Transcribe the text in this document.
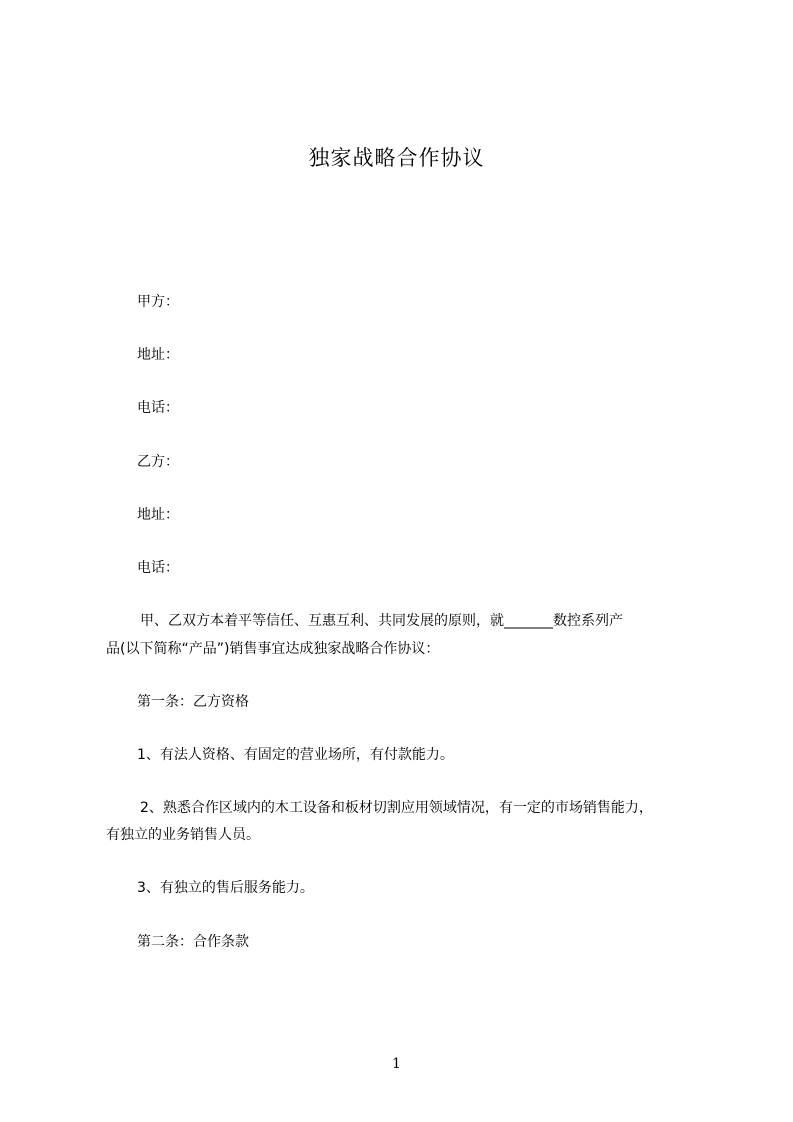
独家战略合作协议
甲方：
地址：
电话：
乙方：
地址：
电话：
甲、乙双方本着平等信任、互惠互利、共同发展的原则，就_______数控系列产
品(以下简称“产品”)销售事宜达成独家战略合作协议：
第一条：乙方资格
1、有法人资格、有固定的营业场所，有付款能力。
2、熟悉合作区域内的木工设备和板材切割应用领域情况，有一定的市场销售能力，
有独立的业务销售人员。
3、有独立的售后服务能力。
第二条：合作条款
1
